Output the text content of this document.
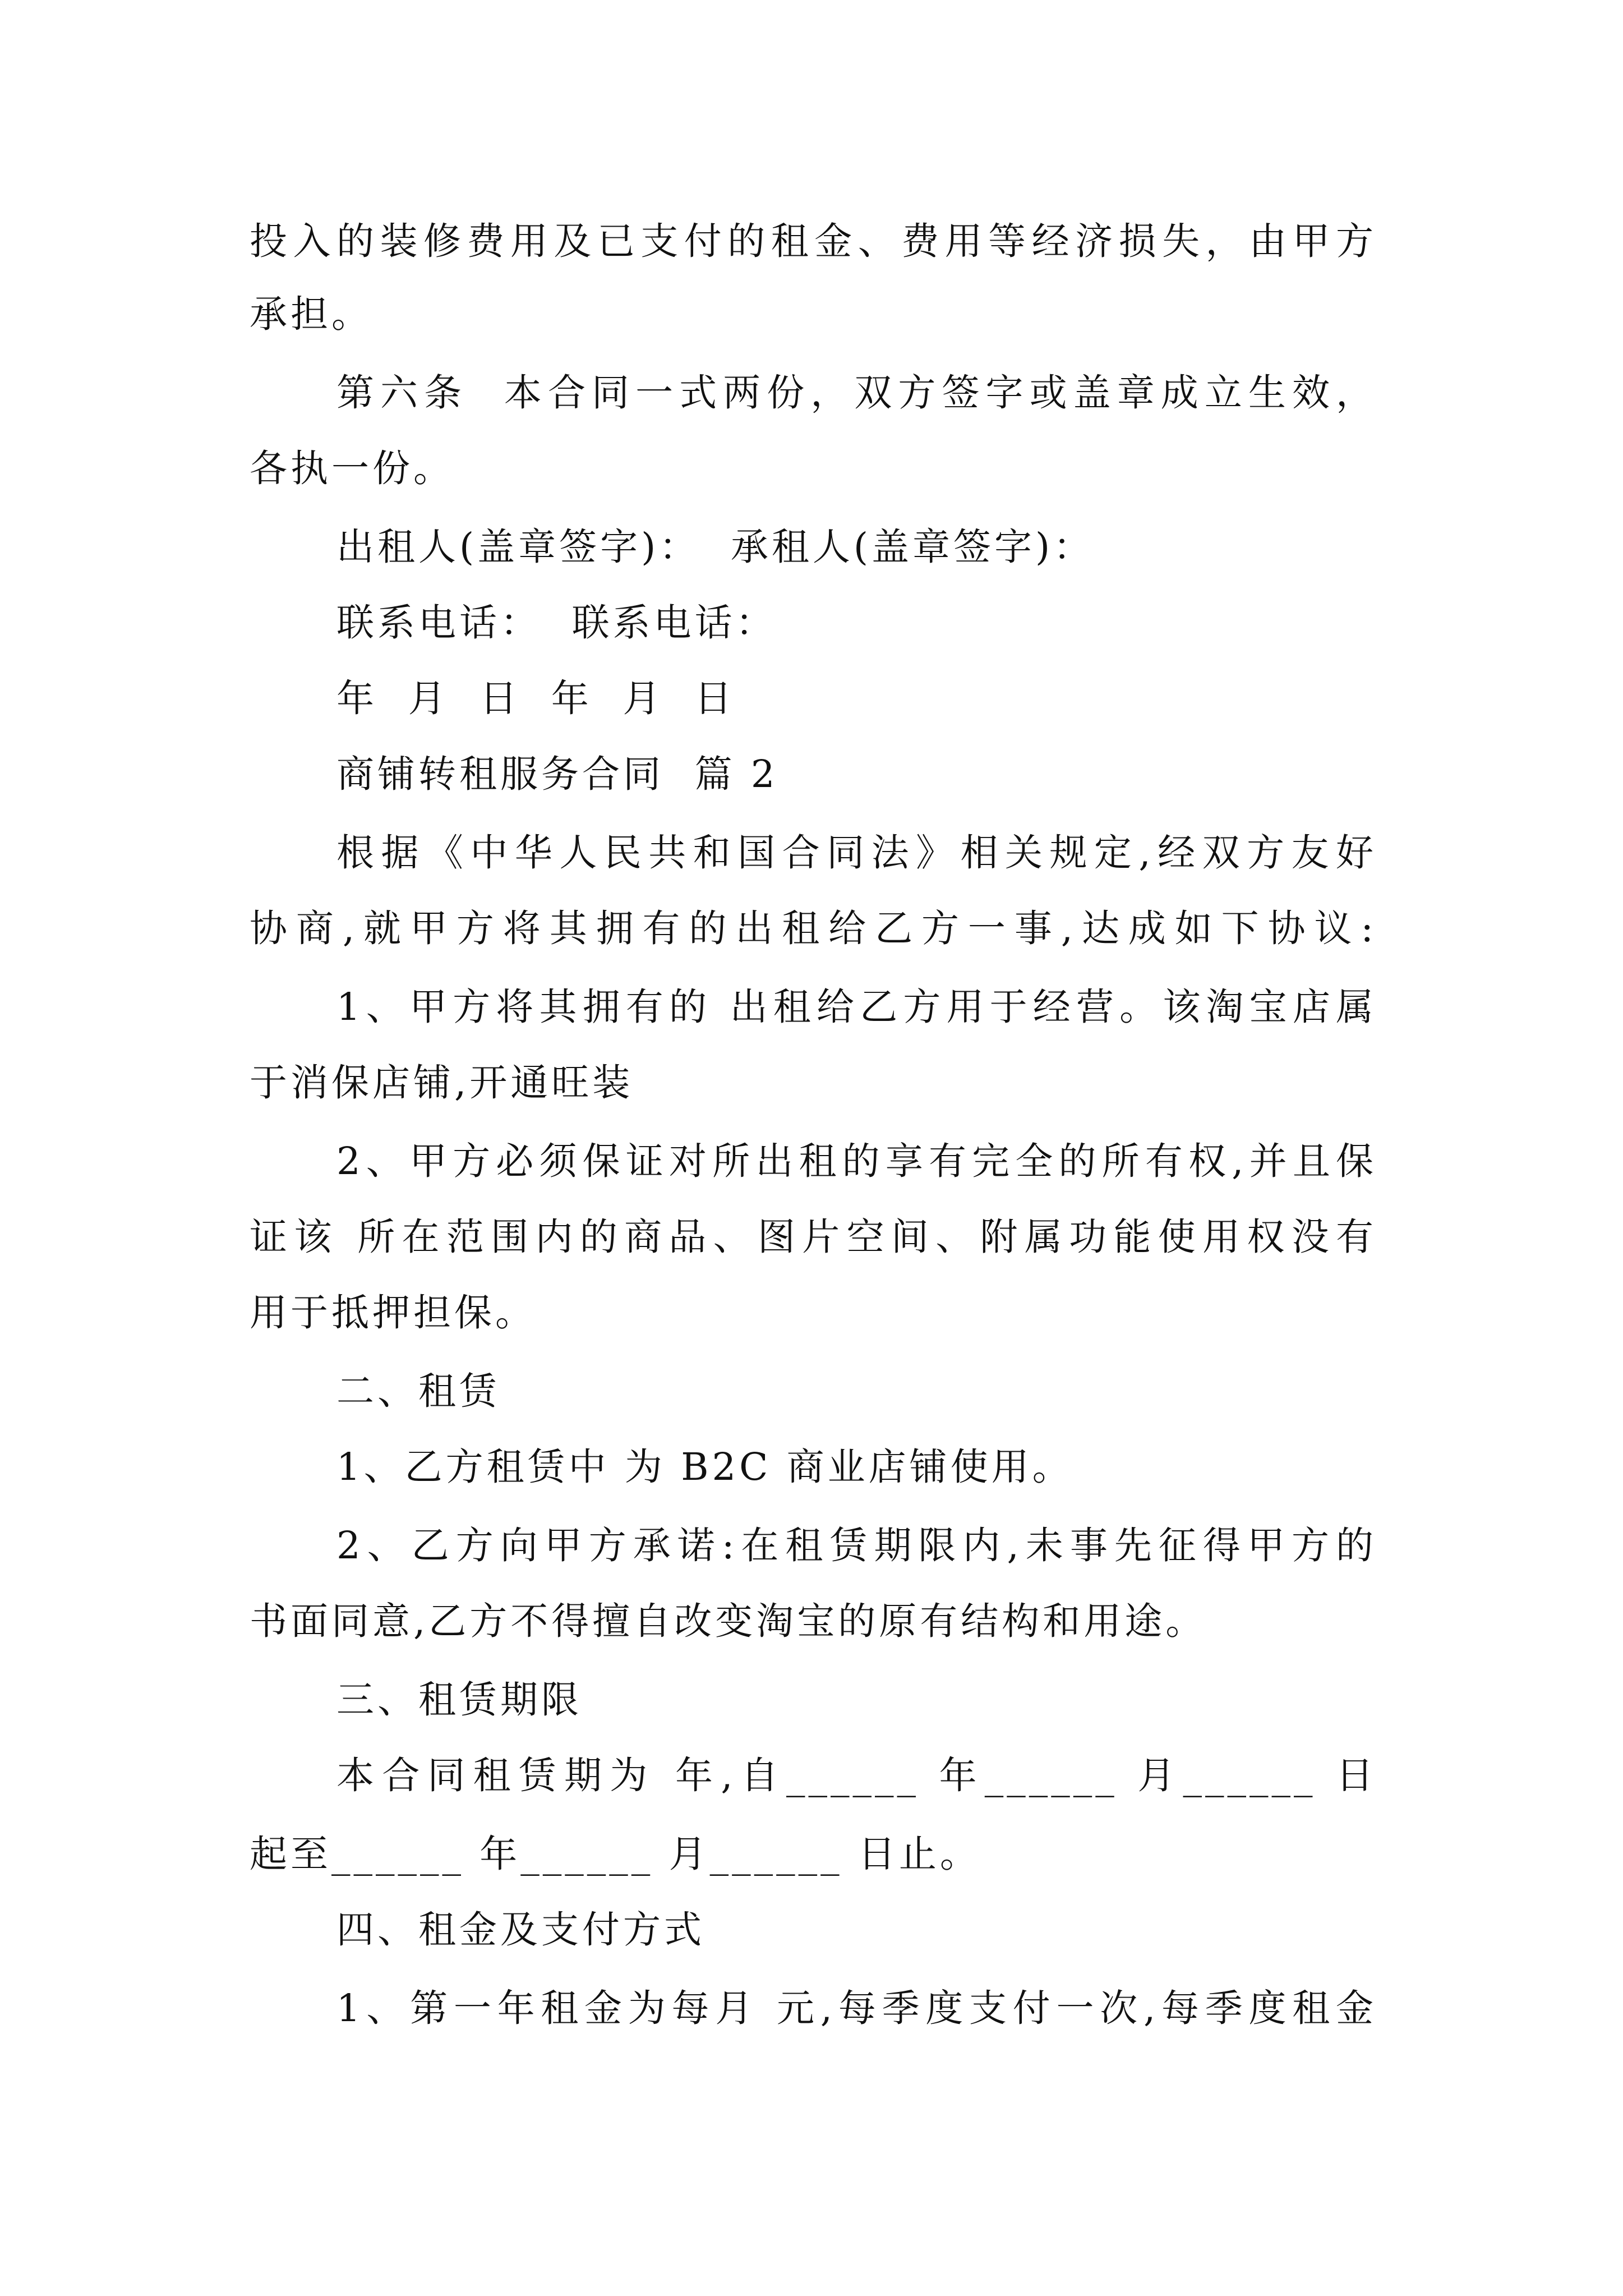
投入的装修费用及已支付的租金、费用等经济损失，由甲方
承担。
第六条  本合同一式两份，双方签字或盖章成立生效，
各执一份。
出租人(盖章签字)：  承租人(盖章签字)：
联系电话：  联系电话：
年  月  日  年  月  日
商铺转租服务合同  篇 2
根据《中华人民共和国合同法》相关规定,经双方友好
协商,就甲方将其拥有的出租给乙方一事,达成如下协议:
1、甲方将其拥有的 出租给乙方用于经营。该淘宝店属
于消保店铺,开通旺装
2、甲方必须保证对所出租的享有完全的所有权,并且保
证该 所在范围内的商品、图片空间、附属功能使用权没有
用于抵押担保。
二、租赁
1、乙方租赁中 为 B2C 商业店铺使用。
2、乙方向甲方承诺:在租赁期限内,未事先征得甲方的
书面同意,乙方不得擅自改变淘宝的原有结构和用途。
三、租赁期限
本合同租赁期为 年,自______ 年______ 月______ 日
起至______ 年______ 月______ 日止。
四、租金及支付方式
1、第一年租金为每月 元,每季度支付一次,每季度租金
